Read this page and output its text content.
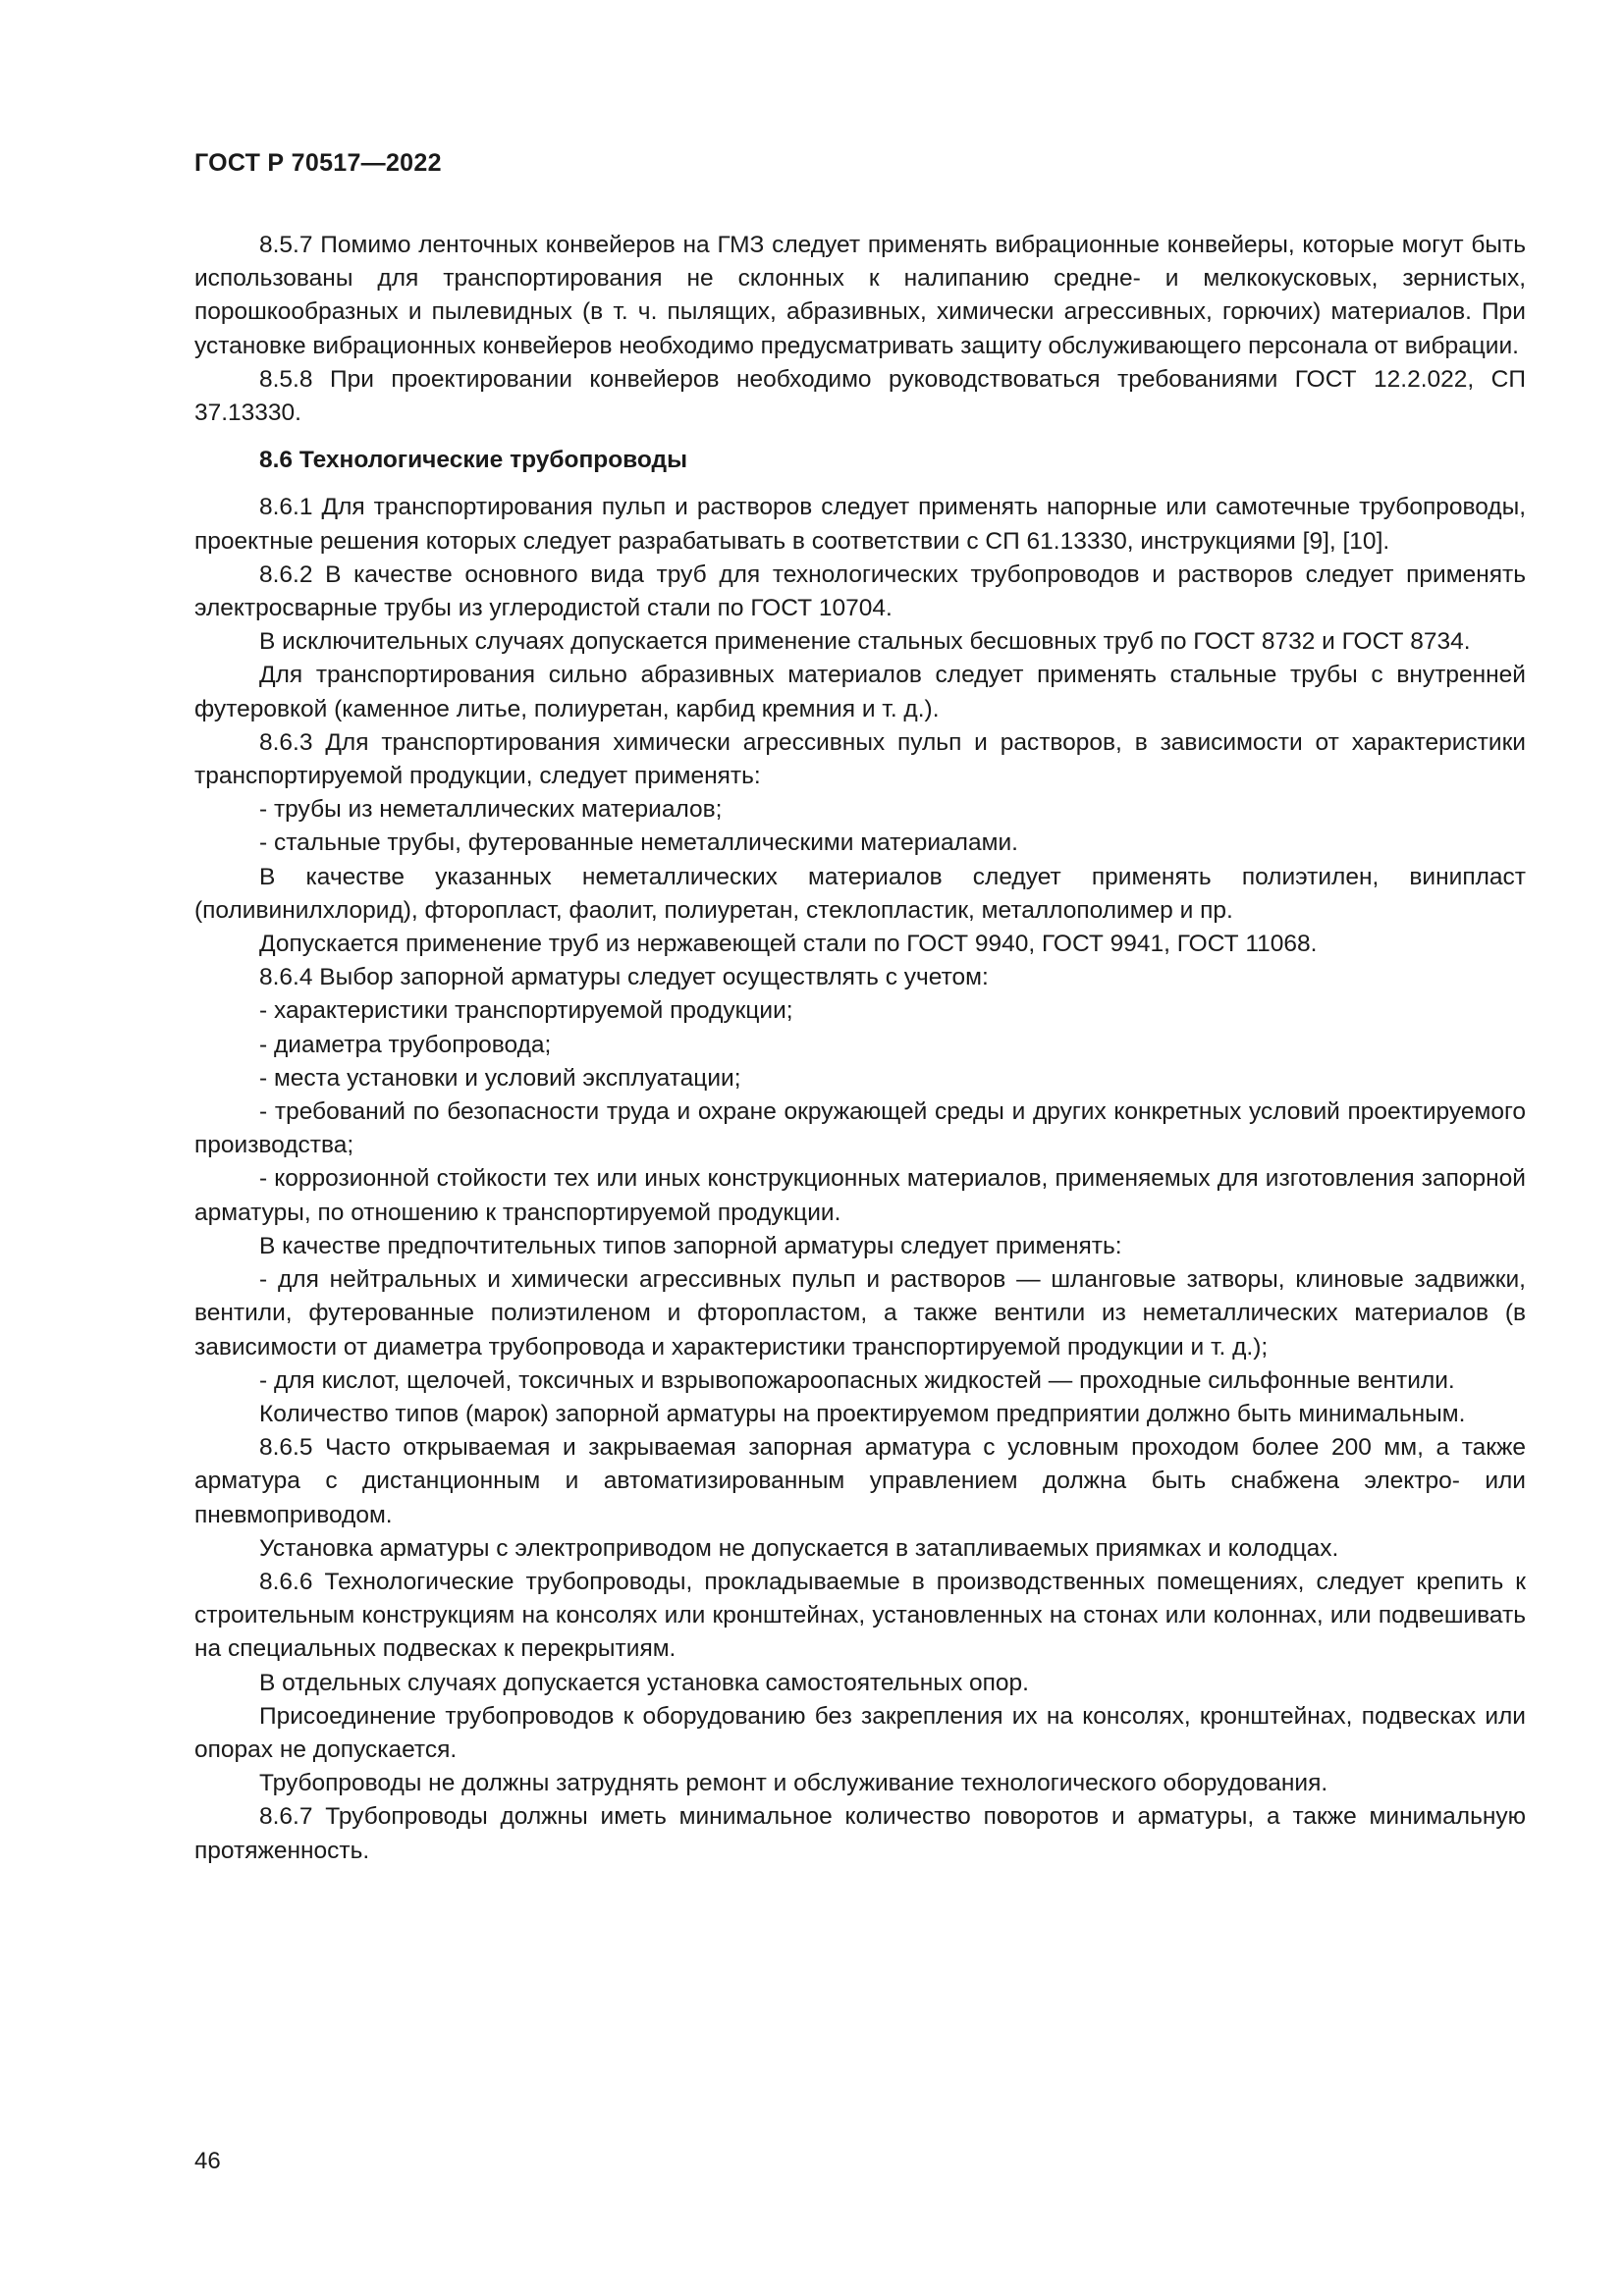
ГОСТ Р 70517—2022

8.5.7 Помимо ленточных конвейеров на ГМЗ следует применять вибрационные конвейеры, которые могут быть использованы для транспортирования не склонных к налипанию средне- и мелкокусковых, зернистых, порошкообразных и пылевидных (в т. ч. пылящих, абразивных, химически агрессивных, горючих) материалов. При установке вибрационных конвейеров необходимо предусматривать защиту обслуживающего персонала от вибрации.

8.5.8 При проектировании конвейеров необходимо руководствоваться требованиями ГОСТ 12.2.022, СП 37.13330.

8.6 Технологические трубопроводы

8.6.1 Для транспортирования пульп и растворов следует применять напорные или самотечные трубопроводы, проектные решения которых следует разрабатывать в соответствии с СП 61.13330, инструкциями [9], [10].

8.6.2 В качестве основного вида труб для технологических трубопроводов и растворов следует применять электросварные трубы из углеродистой стали по ГОСТ 10704.

В исключительных случаях допускается применение стальных бесшовных труб по ГОСТ 8732 и ГОСТ 8734.

Для транспортирования сильно абразивных материалов следует применять стальные трубы с внутренней футеровкой (каменное литье, полиуретан, карбид кремния и т. д.).

8.6.3 Для транспортирования химически агрессивных пульп и растворов, в зависимости от характеристики транспортируемой продукции, следует применять:

- трубы из неметаллических материалов;

- стальные трубы, футерованные неметаллическими материалами.

В качестве указанных неметаллических материалов следует применять полиэтилен, винипласт (поливинилхлорид), фторопласт, фаолит, полиуретан, стеклопластик, металлополимер и пр.

Допускается применение труб из нержавеющей стали по ГОСТ 9940, ГОСТ 9941, ГОСТ 11068.

8.6.4 Выбор запорной арматуры следует осуществлять с учетом:

- характеристики транспортируемой продукции;

- диаметра трубопровода;

- места установки и условий эксплуатации;

- требований по безопасности труда и охране окружающей среды и других конкретных условий проектируемого производства;

- коррозионной стойкости тех или иных конструкционных материалов, применяемых для изготовления запорной арматуры, по отношению к транспортируемой продукции.

В качестве предпочтительных типов запорной арматуры следует применять:

- для нейтральных и химически агрессивных пульп и растворов — шланговые затворы, клиновые задвижки, вентили, футерованные полиэтиленом и фторопластом, а также вентили из неметаллических материалов (в зависимости от диаметра трубопровода и характеристики транспортируемой продукции и т. д.);

- для кислот, щелочей, токсичных и взрывопожароопасных жидкостей — проходные сильфонные вентили.

Количество типов (марок) запорной арматуры на проектируемом предприятии должно быть минимальным.

8.6.5 Часто открываемая и закрываемая запорная арматура с условным проходом более 200 мм, а также арматура с дистанционным и автоматизированным управлением должна быть снабжена электро- или пневмоприводом.

Установка арматуры с электроприводом не допускается в затапливаемых приямках и колодцах.

8.6.6 Технологические трубопроводы, прокладываемые в производственных помещениях, следует крепить к строительным конструкциям на консолях или кронштейнах, установленных на стонах или колоннах, или подвешивать на специальных подвесках к перекрытиям.

В отдельных случаях допускается установка самостоятельных опор.

Присоединение трубопроводов к оборудованию без закрепления их на консолях, кронштейнах, подвесках или опорах не допускается.

Трубопроводы не должны затруднять ремонт и обслуживание технологического оборудования.

8.6.7 Трубопроводы должны иметь минимальное количество поворотов и арматуры, а также минимальную протяженность.

46
